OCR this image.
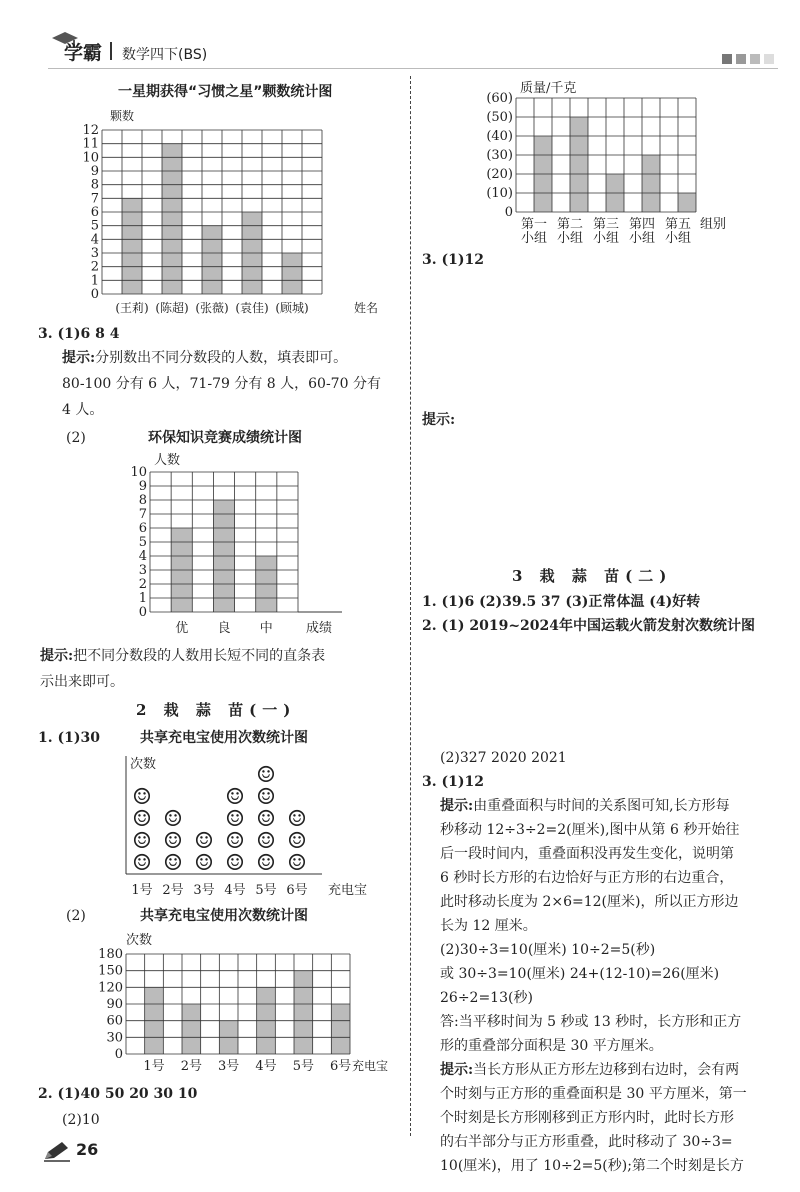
学霸 数学四下(BS)
一星期获得“习惯之星”颗数统计图
0
1
2
3
4
5
6
7
8
9
10
11
12
(王莉) (陈超) (张薇) (袁佳) (顾城)
颗数
姓名
3. (1)6 8 4
提示:分别数出不同分数段的人数，填表即可。
80-100 分有 6 人，71-79 分有 8 人，60-70 分有
4 人。
(2)	环保知识竞赛成绩统计图
0
1
2
3
4
5
6
7
8
9
10
优 良 中
人数
成绩
提示:把不同分数段的人数用长短不同的直条表
示出来即可。
2 栽 蒜 苗(一)
1. (1)30	共享充电宝使用次数统计图
次数
☺
☺
☺
☺
1号
☺
☺
☺
2号
☺
☺
3号
☺
☺
☺
☺
4号
☺
☺
☺
☺
☺
5号
☺
☺
☺
6号 充电宝
(2)	共享充电宝使用次数统计图
0
30
60
90
120
150
180
1号 2号 3号 4号 5号 6号
次数
充电宝
2. (1)40 50 20 30 10
(2)10
26
0
(10)
(20)
(30)
(40)
(50)
(60)
质量/千克
第一
小组
第二
小组
第三
小组
第四
小组
第五
小组
组别
3. (1)12
提示:
3 栽 蒜 苗(二)
1. (1)6 (2)39.5 37 (3)正常体温 (4)好转
2. (1) 2019~2024年中国运载火箭发射次数统计图
(2)327 2020 2021
3. (1)12
提示:由重叠面积与时间的关系图可知,长方形每
秒移动 12÷3÷2=2(厘米),图中从第 6 秒开始往
后一段时间内，重叠面积没再发生变化，说明第
6 秒时长方形的右边恰好与正方形的右边重合，
此时移动长度为 2×6=12(厘米)，所以正方形边
长为 12 厘米。
(2)30÷3=10(厘米) 10÷2=5(秒)
或 30÷3=10(厘米) 24+(12-10)=26(厘米)
26÷2=13(秒)
答:当平移时间为 5 秒或 13 秒时，长方形和正方
形的重叠部分面积是 30 平方厘米。
提示:当长方形从正方形左边移到右边时，会有两
个时刻与正方形的重叠面积是 30 平方厘米，第一
个时刻是长方形刚移到正方形内时，此时长方形
的右半部分与正方形重叠，此时移动了 30÷3=
10(厘米)，用了 10÷2=5(秒);第二个时刻是长方
